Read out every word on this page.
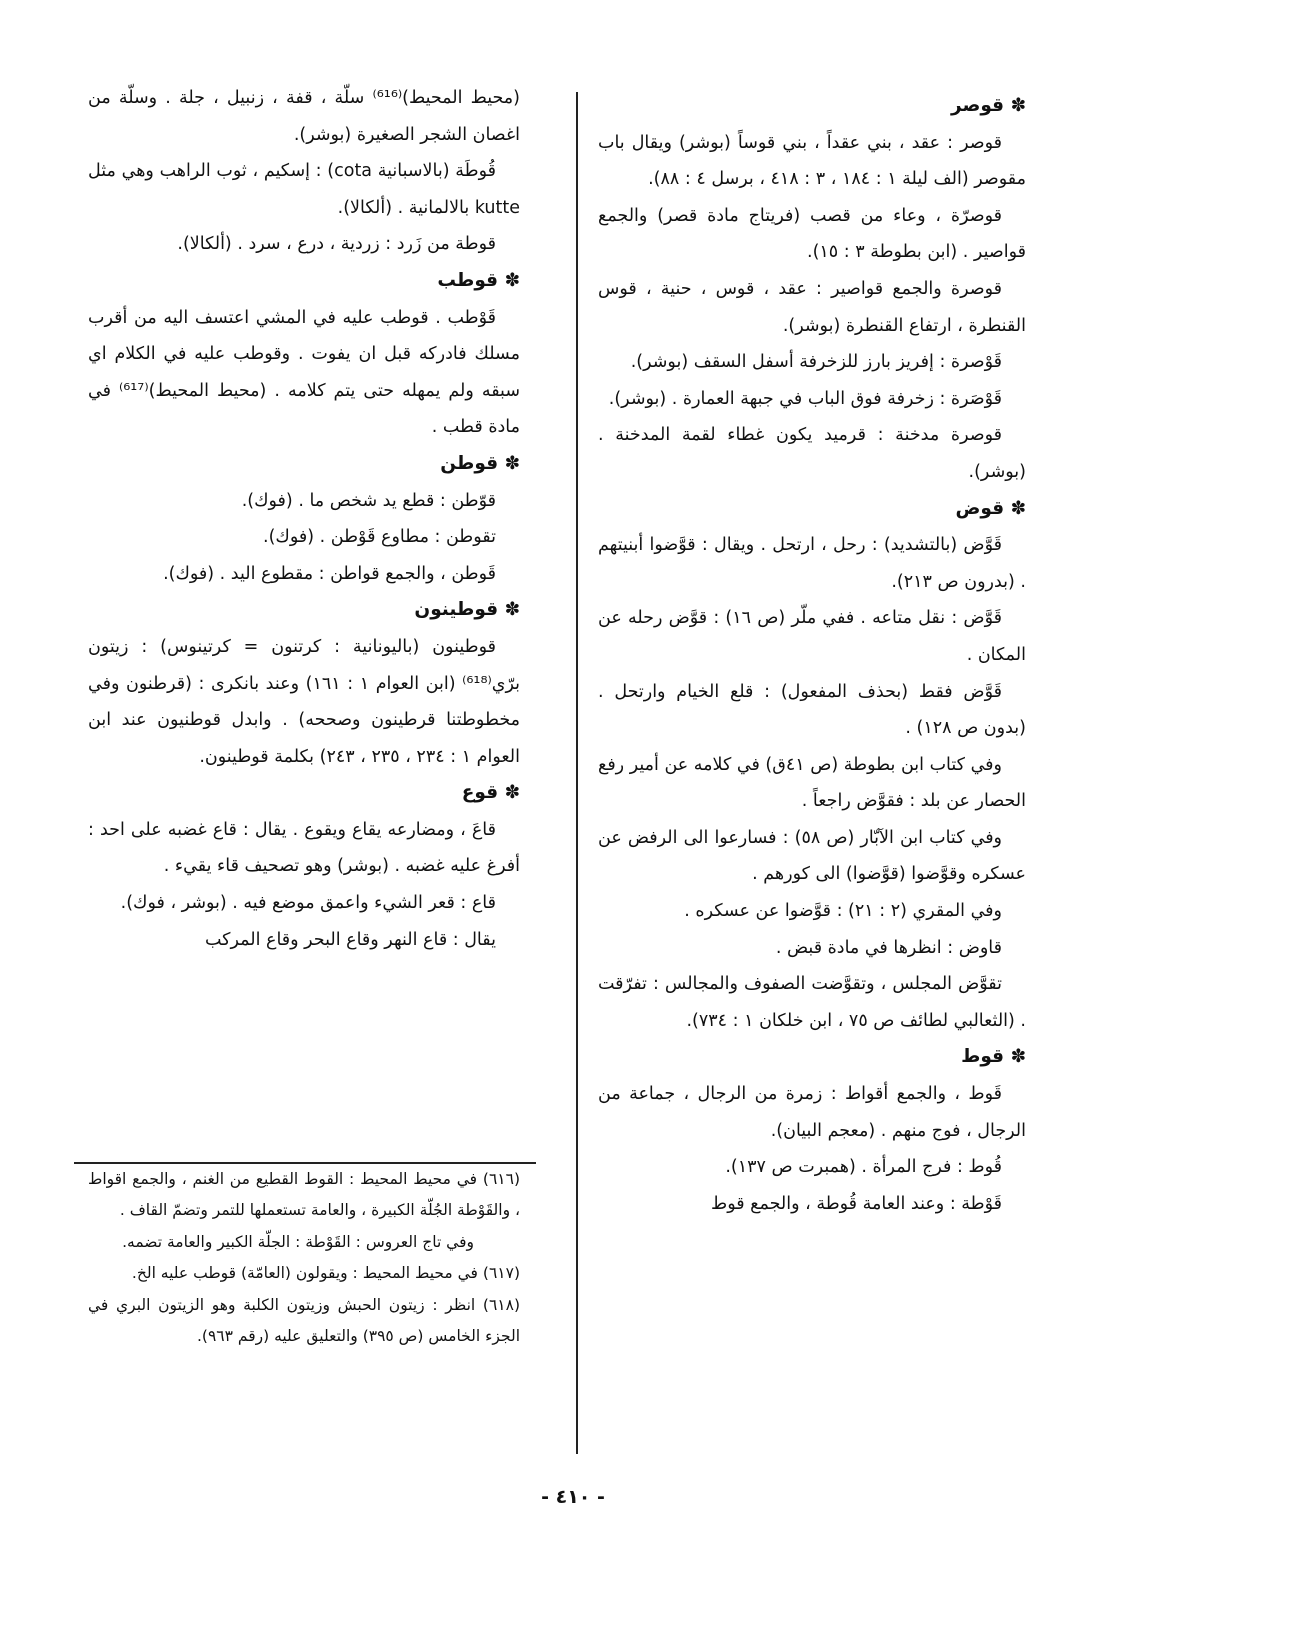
✽ قوصر

قوصر : عقد ، بني عقداً ، بني قوساً (بوشر) ويقال باب مقوصر (الف ليلة ١ : ١٨٤ ، ٣ : ٤١٨ ، برسل ٤ : ٨٨).

قوصرّة ، وعاء من قصب (فريتاج مادة قصر) والجمع قواصير . (ابن بطوطة ٣ : ١٥).

قوصرة والجمع قواصير : عقد ، قوس ، حنية ، قوس القنطرة ، ارتفاع القنطرة (بوشر).

قَوْصرة : إفريز بارز للزخرفة أسفل السقف (بوشر).

قَوْصَرة : زخرفة فوق الباب في جبهة العمارة . (بوشر).

قوصرة مدخنة : قرميد يكون غطاء لقمة المدخنة . (بوشر).

✽ قوض

قَوَّض (بالتشديد) : رحل ، ارتحل . ويقال : قوَّضوا أبنيتهم . (بدرون ص ٢١٣).

قَوَّض : نقل متاعه . ففي ملّر (ص ١٦) : قوَّض رحله عن المكان .

قَوَّض فقط (بحذف المفعول) : قلع الخيام وارتحل . (بدون ص ١٢٨) .

وفي كتاب ابن بطوطة (ص ٤١ق) في كلامه عن أمير رفع الحصار عن بلد : فقوَّض راجعاً .

وفي كتاب ابن الآبّار (ص ٥٨) : فسارعوا الى الرفض عن عسكره وقوَّضوا (قوَّضوا) الى كورهم .

وفي المقري (٢ : ٢١) : قوَّضوا عن عسكره .

قاوض : انظرها في مادة قبض .

تقوَّض المجلس ، وتقوَّضت الصفوف والمجالس : تفرّقت . (الثعالبي لطائف ص ٧٥ ، ابن خلكان ١ : ٧٣٤).

✽ قوط

قَوط ، والجمع أقواط : زمرة من الرجال ، جماعة من الرجال ، فوج منهم . (معجم البيان).

قُوط : فرج المرأة . (همبرت ص ١٣٧).

قَوْطة : وعند العامة قُوطة ، والجمع قوط

(محيط المحيط)⁽⁶¹⁶⁾ سلّة ، قفة ، زنبيل ، جلة . وسلّة من اغصان الشجر الصغيرة (بوشر).

قُوطَة (بالاسبانية cota) : إسكيم ، ثوب الراهب وهي مثل kutte بالالمانية . (ألكالا).

قوطة من زَرد : زردية ، درع ، سرد . (ألكالا).

✽ قوطب

قَوْطب . قوطب عليه في المشي اعتسف اليه من أقرب مسلك فادركه قبل ان يفوت . وقوطب عليه في الكلام اي سبقه ولم يمهله حتى يتم كلامه . (محيط المحيط)⁽⁶¹⁷⁾ في مادة قطب .

✽ قوطن

قوّطن : قطع يد شخص ما . (فوك).

تقوطن : مطاوع قَوْطن . (فوك).

قَوطن ، والجمع قواطن : مقطوع اليد . (فوك).

✽ قوطينون

قوطينون (باليونانية : كرتنون = كرتينوس) : زيتون برّي⁽⁶¹⁸⁾ (ابن العوام ١ : ١٦١) وعند بانكرى : (قرطنون وفي مخطوطتنا قرطينون وصححه) . وابدل قوطنيون عند ابن العوام ١ : ٢٣٤ ، ٢٣٥ ، ٢٤٣) بكلمة قوطينون.

✽ قوع

قاعَ ، ومضارعه يقاع ويقوع . يقال : قاع غضبه على احد : أفرغ عليه غضبه . (بوشر) وهو تصحيف قاء يقيء .

قاع : قعر الشيء واعمق موضع فيه . (بوشر ، فوك).

يقال : قاع النهر وقاع البحر وقاع المركب

(٦١٦) في محيط المحيط : القوط القطيع من الغنم ، والجمع اقواط ، والقَوْطة الجُلّة الكبيرة ، والعامة تستعملها للتمر وتضمّ القاف .

وفي تاج العروس : القَوْطة : الجلّة الكبير والعامة تضمه.

(٦١٧) في محيط المحيط : ويقولون (العامّة) قوطب عليه الخ.

(٦١٨) انظر : زيتون الحبش وزيتون الكلبة وهو الزيتون البري في الجزء الخامس (ص ٣٩٥) والتعليق عليه (رقم ٩٦٣).

- ٤١٠ -
